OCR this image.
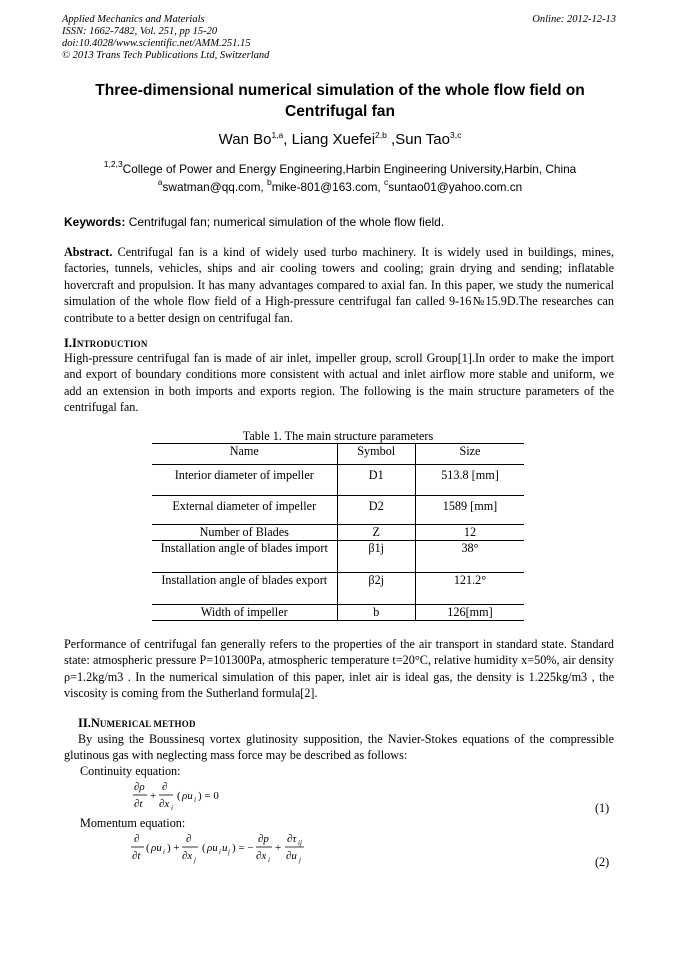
Applied Mechanics and Materials
ISSN: 1662-7482, Vol. 251, pp 15-20
doi:10.4028/www.scientific.net/AMM.251.15
© 2013 Trans Tech Publications Ltd, Switzerland
Online: 2012-12-13
Three-dimensional numerical simulation of the whole flow field on
Centrifugal fan
Wan Bo$^{1,a}$, Liang Xuefei$^{2,b}$ ,Sun Tao$^{3,c}$
$^{1,2,3}$College of Power and Energy Engineering,Harbin Engineering University,Harbin, China
$^a$swatman@qq.com, $^b$mike-801@163.com, $^c$suntao01@yahoo.com.cn
Keywords: Centrifugal fan; numerical simulation of the whole flow field.
Abstract. Centrifugal fan is a kind of widely used turbo machinery. It is widely used in buildings, mines, factories, tunnels, vehicles, ships and air cooling towers and cooling; grain drying and sending; inflatable hovercraft and propulsion. It has many advantages compared to axial fan. In this paper, we study the numerical simulation of the whole flow field of a High-pressure centrifugal fan called 9-16№15.9D.The researches can contribute to a better design on centrifugal fan.
I.INTRODUCTION
High-pressure centrifugal fan is made of air inlet, impeller group, scroll Group[1].In order to make the import and export of boundary conditions more consistent with actual and inlet airflow more stable and uniform, we add an extension in both imports and exports region. The following is the main structure parameters of the centrifugal fan.
Table 1. The main structure parameters
Name	Symbol	Size
Interior diameter of impeller	D1	513.8 [mm]
External diameter of impeller	D2	1589 [mm]
Number of Blades	Z	12
Installation angle of blades import	β1j	38°
Installation angle of blades export	β2j	121.2°
Width of impeller	b	126[mm]
Performance of centrifugal fan generally refers to the properties of the air transport in standard state. Standard state: atmospheric pressure P=101300Pa, atmospheric temperature t=20°C, relative humidity x=50%, air density ρ=1.2kg/m3 . In the numerical simulation of this paper, inlet air is ideal gas, the density is 1.225kg/m3 , the viscosity is coming from the Sutherland formula[2].
II.NUMERICAL METHOD
By using the Boussinesq vortex glutinosity supposition, the Navier-Stokes equations of the compressible glutinous gas with neglecting mass force may be described as follows:
Continuity equation:
∂ρ
∂t
+
∂
∂x i
( ρu i ) = 0
(1)
Momentum equation:
∂
∂t
( ρu i ) +
∂
∂x j
( ρu i u j ) = −
∂p
∂x i
+
∂τ ij
∂u j	(2)
